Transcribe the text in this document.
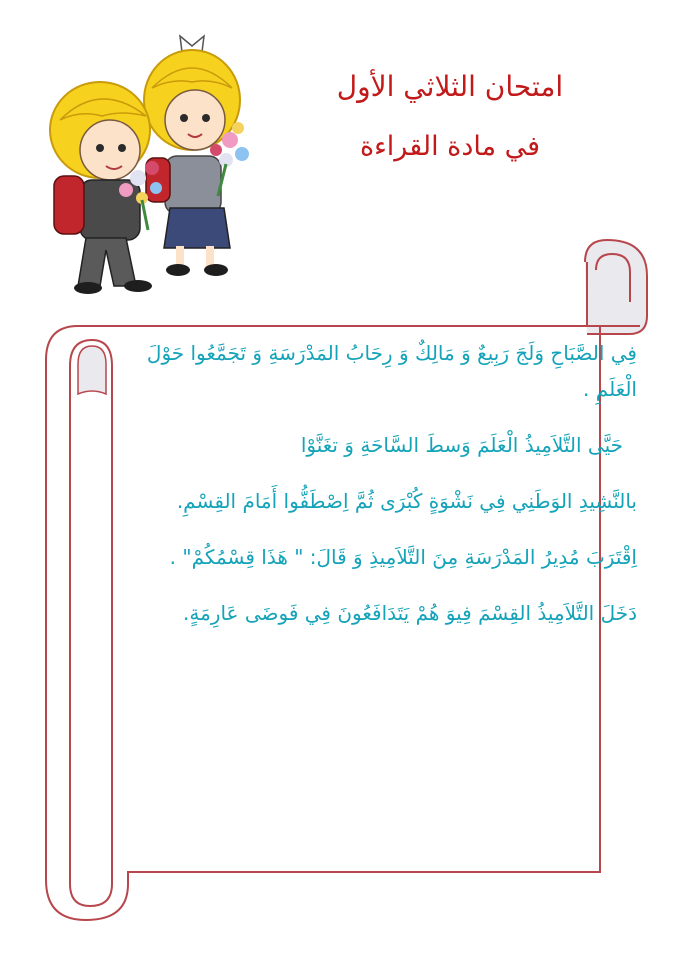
امتحان الثلاثي الأول

في مادة القراءة

فِي الصَّبَاحِ وَلَجَ رَبِيعٌ وَ مَالِكٌ وَ رِحَابُ المَدْرَسَةِ وَ تَجَمَّعُوا حَوْلَ الْعَلَمِ .

حَيَّى التَّلاَمِيذُ الْعَلَمَ وَسطَ السَّاحَةِ وَ تغَنَّوْا

بالنَّشِيدِ الوَطَنِي فِي نَشْوَةٍ كُبْرَى ثُمَّ اِصْطَفُّوا أَمَامَ القِسْمِ.

اِقْتَرَبَ مُدِيرُ المَدْرَسَةِ مِنَ التَّلاَمِيذِ وَ قَالَ: " هَذَا قِسْمُكُمْ" .

دَخَلَ التَّلاَمِيذُ القِسْمَ فِيوَ هُمْ يَتَدَافَعُونَ فِي فَوضَى عَارِمَةٍ.
